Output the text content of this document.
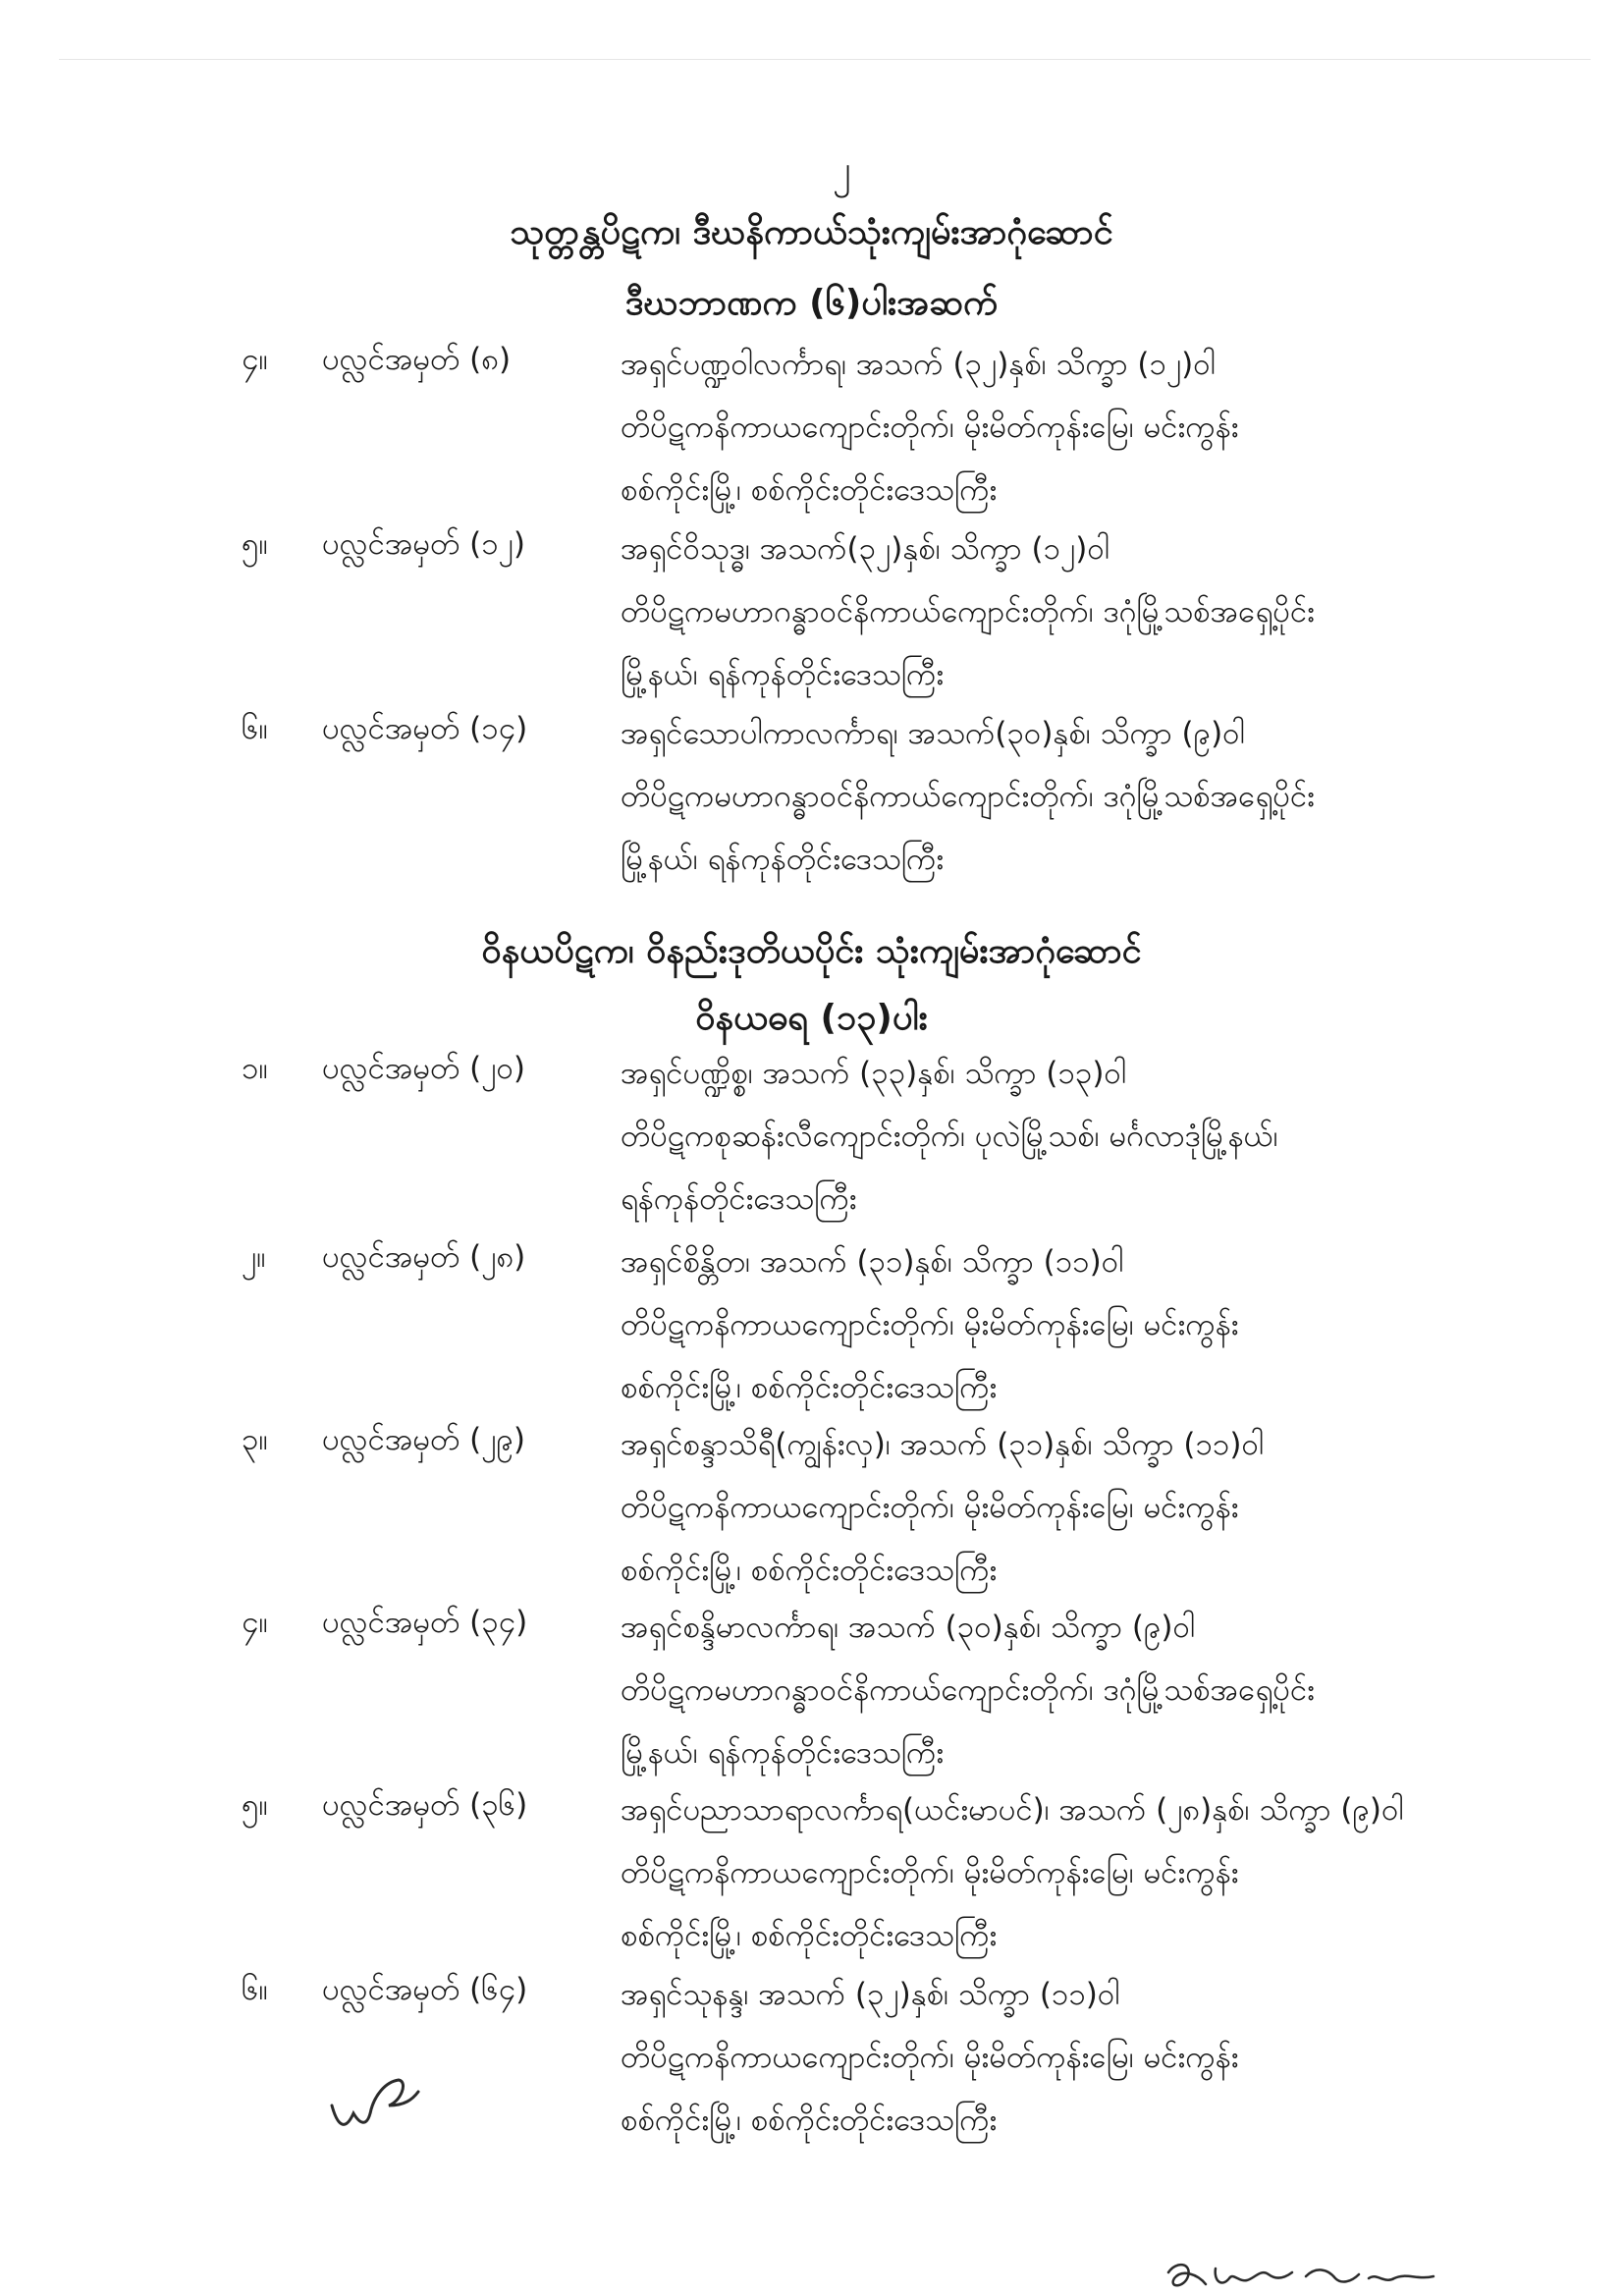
၂
သုတ္တန္တပိဋက၊ ဒီဃနိကာယ်သုံးကျမ်းအာဂုံဆောင်
ဒီဃဘာဏက (၆)ပါးအဆက်
၄။	ပလ္လင်အမှတ် (၈)	အရှင်ပဏ္ဍဝါလင်္ကာရ၊ အသက် (၃၂)နှစ်၊ သိက္ခာ (၁၂)ဝါ
တိပိဋကနိကာယကျောင်းတိုက်၊ မိုးမိတ်ကုန်းမြေ၊ မင်းကွန်း
စစ်ကိုင်းမြို့၊ စစ်ကိုင်းတိုင်းဒေသကြီး
၅။	ပလ္လင်အမှတ် (၁၂)	အရှင်ဝိသုဒ္ဓ၊ အသက်(၃၂)နှစ်၊ သိက္ခာ (၁၂)ဝါ
တိပိဋကမဟာဂန္ဓာဝင်နိကာယ်ကျောင်းတိုက်၊ ဒဂုံမြို့သစ်အရှေ့ပိုင်း
မြို့နယ်၊ ရန်ကုန်တိုင်းဒေသကြီး
၆။	ပလ္လင်အမှတ် (၁၄)	အရှင်သောပါကာလင်္ကာရ၊ အသက်(၃၀)နှစ်၊ သိက္ခာ (၉)ဝါ
တိပိဋကမဟာဂန္ဓာဝင်နိကာယ်ကျောင်းတိုက်၊ ဒဂုံမြို့သစ်အရှေ့ပိုင်း
မြို့နယ်၊ ရန်ကုန်တိုင်းဒေသကြီး
ဝိနယပိဋက၊ ဝိနည်းဒုတိယပိုင်း သုံးကျမ်းအာဂုံဆောင်
ဝိနယဓရ (၁၃)ပါး
၁။	ပလ္လင်အမှတ် (၂၀)	အရှင်ပဏ္ဍိစ္စ၊ အသက် (၃၃)နှစ်၊ သိက္ခာ (၁၃)ဝါ
တိပိဋကစုဆန်းလီကျောင်းတိုက်၊ ပုလဲမြို့သစ်၊ မင်္ဂလာဒုံမြို့နယ်၊
ရန်ကုန်တိုင်းဒေသကြီး
၂။	ပလ္လင်အမှတ် (၂၈)	အရှင်စိန္တိတ၊ အသက် (၃၁)နှစ်၊ သိက္ခာ (၁၁)ဝါ
တိပိဋကနိကာယကျောင်းတိုက်၊ မိုးမိတ်ကုန်းမြေ၊ မင်းကွန်း
စစ်ကိုင်းမြို့၊ စစ်ကိုင်းတိုင်းဒေသကြီး
၃။	ပလ္လင်အမှတ် (၂၉)	အရှင်စန္ဒာသိရီ(ကျွန်းလှ)၊ အသက် (၃၁)နှစ်၊ သိက္ခာ (၁၁)ဝါ
တိပိဋကနိကာယကျောင်းတိုက်၊ မိုးမိတ်ကုန်းမြေ၊ မင်းကွန်း
စစ်ကိုင်းမြို့၊ စစ်ကိုင်းတိုင်းဒေသကြီး
၄။	ပလ္လင်အမှတ် (၃၄)	အရှင်စန္ဒိမာလင်္ကာရ၊ အသက် (၃၀)နှစ်၊ သိက္ခာ (၉)ဝါ
တိပိဋကမဟာဂန္ဓာဝင်နိကာယ်ကျောင်းတိုက်၊ ဒဂုံမြို့သစ်အရှေ့ပိုင်း
မြို့နယ်၊ ရန်ကုန်တိုင်းဒေသကြီး
၅။	ပလ္လင်အမှတ် (၃၆)	အရှင်ပညာသာရာလင်္ကာရ(ယင်းမာပင်)၊ အသက် (၂၈)နှစ်၊ သိက္ခာ (၉)ဝါ
တိပိဋကနိကာယကျောင်းတိုက်၊ မိုးမိတ်ကုန်းမြေ၊ မင်းကွန်း
စစ်ကိုင်းမြို့၊ စစ်ကိုင်းတိုင်းဒေသကြီး
၆။	ပလ္လင်အမှတ် (၆၄)	အရှင်သုနန္ဒ၊ အသက် (၃၂)နှစ်၊ သိက္ခာ (၁၁)ဝါ
တိပိဋကနိကာယကျောင်းတိုက်၊ မိုးမိတ်ကုန်းမြေ၊ မင်းကွန်း
စစ်ကိုင်းမြို့၊ စစ်ကိုင်းတိုင်းဒေသကြီး
